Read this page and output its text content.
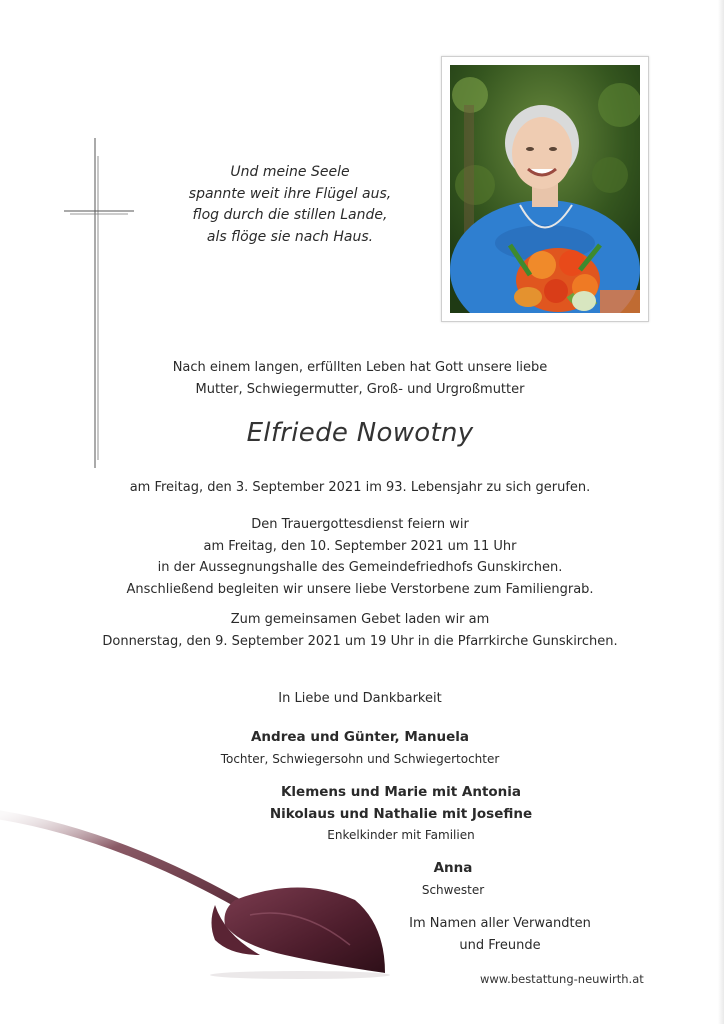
Und meine Seele
spannte weit ihre Flügel aus,
flog durch die stillen Lande,
als flöge sie nach Haus.
Nach einem langen, erfüllten Leben hat Gott unsere liebe
Mutter, Schwiegermutter, Groß- und Urgroßmutter
Elfriede Nowotny
am Freitag, den 3. September 2021 im 93. Lebensjahr zu sich gerufen.
Den Trauergottesdienst feiern wir
am Freitag, den 10. September 2021 um 11 Uhr
in der Aussegnungshalle des Gemeindefriedhofs Gunskirchen.
Anschließend begleiten wir unsere liebe Verstorbene zum Familiengrab.
Zum gemeinsamen Gebet laden wir am
Donnerstag, den 9. September 2021 um 19 Uhr in die Pfarrkirche Gunskirchen.
In Liebe und Dankbarkeit
Andrea und Günter, Manuela
Tochter, Schwiegersohn und Schwiegertochter
Klemens und Marie mit Antonia
Nikolaus und Nathalie mit Josefine
Enkelkinder mit Familien
Anna
Schwester
Im Namen aller Verwandten
und Freunde
www.bestattung-neuwirth.at
